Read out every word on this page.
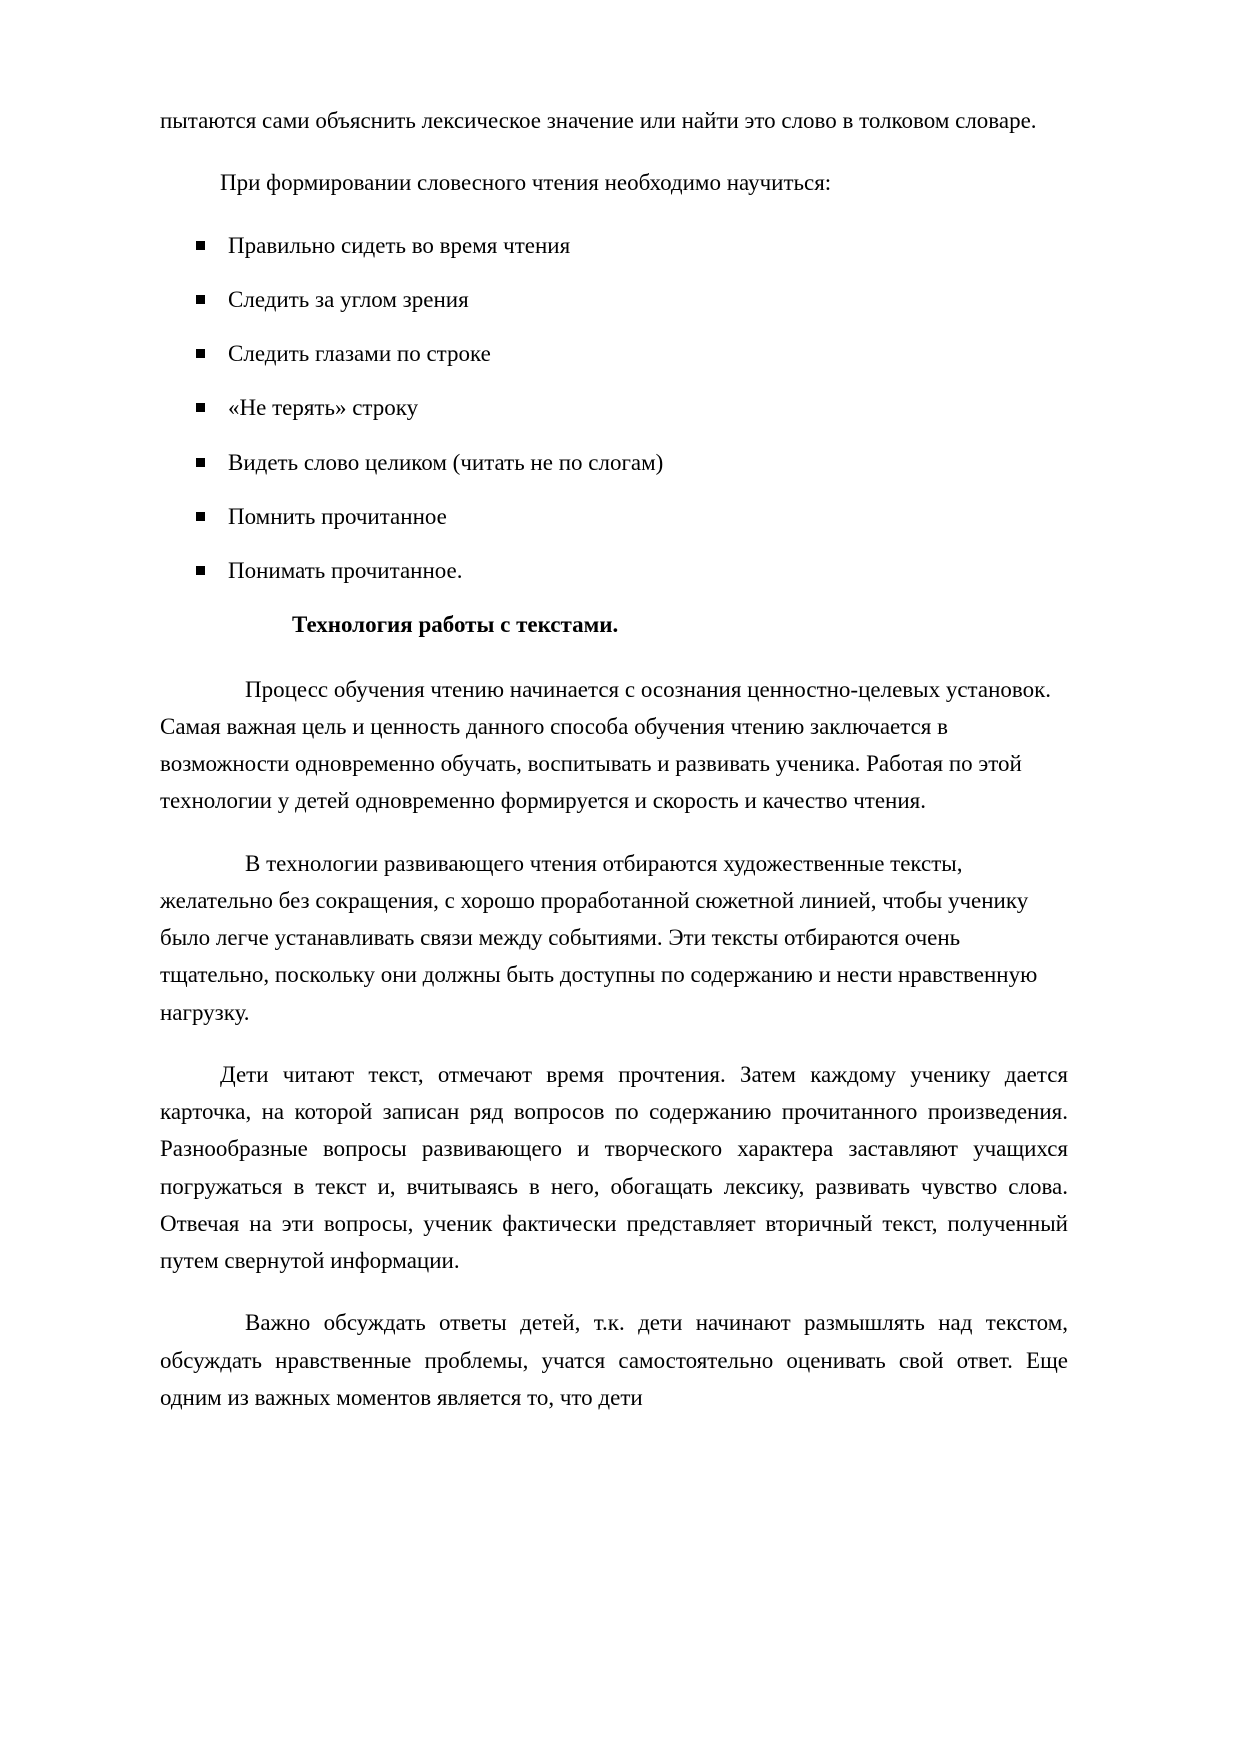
пытаются сами объяснить лексическое значение или найти это слово в толковом словаре.

При формировании словесного чтения необходимо научиться:

Правильно сидеть во время чтения
Следить за углом зрения
Следить глазами по строке
«Не терять» строку
Видеть слово целиком (читать не по слогам)
Помнить прочитанное
Понимать прочитанное.
Технология работы с текстами.

Процесс обучения чтению начинается с осознания ценностно-целевых установок. Самая важная цель и ценность данного способа обучения чтению заключается в возможности одновременно обучать, воспитывать и развивать ученика. Работая по этой технологии у детей одновременно формируется и скорость и качество чтения.

В технологии развивающего чтения отбираются художественные тексты, желательно без сокращения, с хорошо проработанной сюжетной линией, чтобы ученику было легче устанавливать связи между событиями. Эти тексты отбираются очень тщательно, поскольку они должны быть доступны по содержанию и нести нравственную нагрузку.

Дети читают текст, отмечают время прочтения. Затем каждому ученику дается карточка, на которой записан ряд вопросов по содержанию прочитанного произведения. Разнообразные вопросы развивающего и творческого характера заставляют учащихся погружаться в текст и, вчитываясь в него, обогащать лексику, развивать чувство слова. Отвечая на эти вопросы, ученик фактически представляет вторичный текст, полученный путем свернутой информации.

Важно обсуждать ответы детей, т.к. дети начинают размышлять над текстом, обсуждать нравственные проблемы, учатся самостоятельно оценивать свой ответ. Еще одним из важных моментов является то, что дети
